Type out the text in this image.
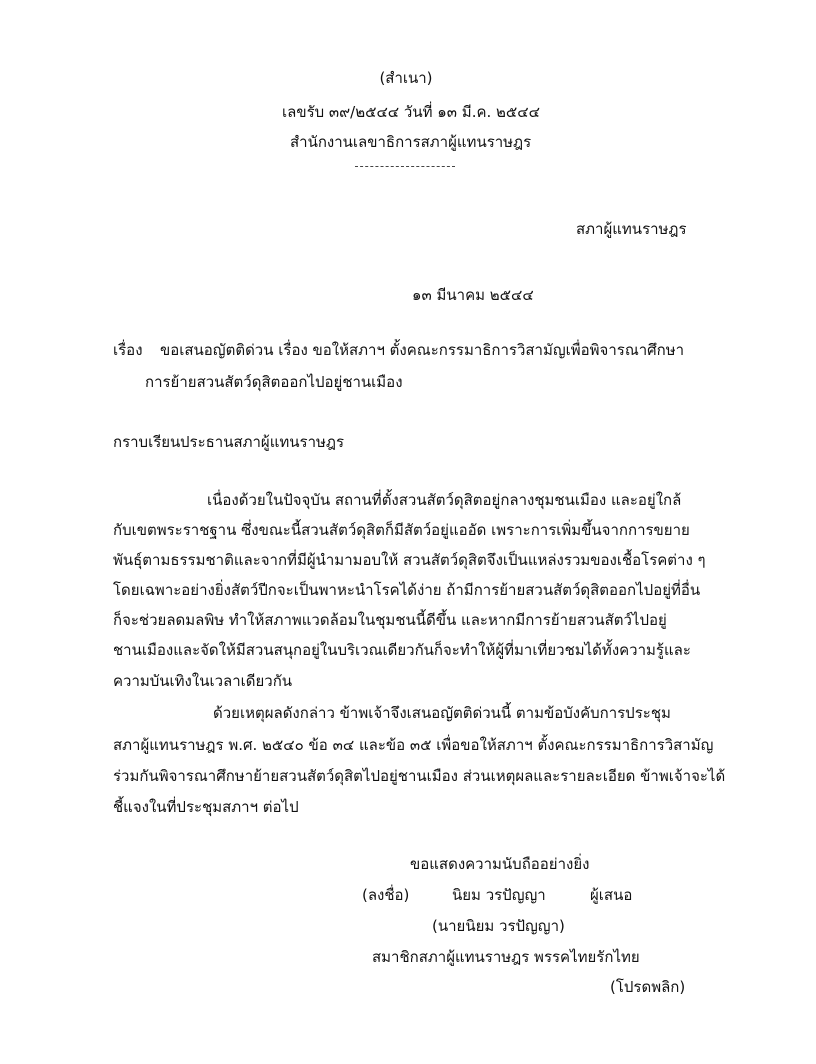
(สำเนา)
เลขรับ ๓๙/๒๕๔๔ วันที่ ๑๓ มี.ค. ๒๕๔๔
สำนักงานเลขาธิการสภาผู้แทนราษฎร
สภาผู้แทนราษฎร
๑๓ มีนาคม ๒๕๔๔
เรื่อง ขอเสนอญัตติด่วน เรื่อง ขอให้สภาฯ ตั้งคณะกรรมาธิการวิสามัญเพื่อพิจารณาศึกษา
การย้ายสวนสัตว์ดุสิตออกไปอยู่ชานเมือง
กราบเรียน ประธานสภาผู้แทนราษฎร
เนื่องด้วยในปัจจุบัน สถานที่ตั้งสวนสัตว์ดุสิตอยู่กลางชุมชนเมือง และอยู่ใกล้
กับเขตพระราชฐาน ซึ่งขณะนี้สวนสัตว์ดุสิตก็มีสัตว์อยู่แออัด เพราะการเพิ่มขึ้นจากการขยาย
พันธุ์ตามธรรมชาติและจากที่มีผู้นำมามอบให้ สวนสัตว์ดุสิตจึงเป็นแหล่งรวมของเชื้อโรคต่าง ๆ
โดยเฉพาะอย่างยิ่งสัตว์ปีกจะเป็นพาหะนำโรคได้ง่าย ถ้ามีการย้ายสวนสัตว์ดุสิตออกไปอยู่ที่อื่น
ก็จะช่วยลดมลพิษ ทำให้สภาพแวดล้อมในชุมชนนี้ดีขึ้น และหากมีการย้ายสวนสัตว์ไปอยู่
ชานเมืองและจัดให้มีสวนสนุกอยู่ในบริเวณเดียวกันก็จะทำให้ผู้ที่มาเที่ยวชมได้ทั้งความรู้และ
ความบันเทิงในเวลาเดียวกัน
ด้วยเหตุผลดังกล่าว ข้าพเจ้าจึงเสนอญัตติด่วนนี้ ตามข้อบังคับการประชุม
สภาผู้แทนราษฎร พ.ศ. ๒๕๔๐ ข้อ ๓๔ และข้อ ๓๕ เพื่อขอให้สภาฯ ตั้งคณะกรรมาธิการวิสามัญ
ร่วมกันพิจารณาศึกษาย้ายสวนสัตว์ดุสิตไปอยู่ชานเมือง ส่วนเหตุผลและรายละเอียด ข้าพเจ้าจะได้
ชี้แจงในที่ประชุมสภาฯ ต่อไป
ขอแสดงความนับถืออย่างยิ่ง
(ลงชื่อ)	นิยม วรปัญญา	ผู้เสนอ
(นายนิยม วรปัญญา)
สมาชิกสภาผู้แทนราษฎร พรรคไทยรักไทย
(โปรดพลิก)
